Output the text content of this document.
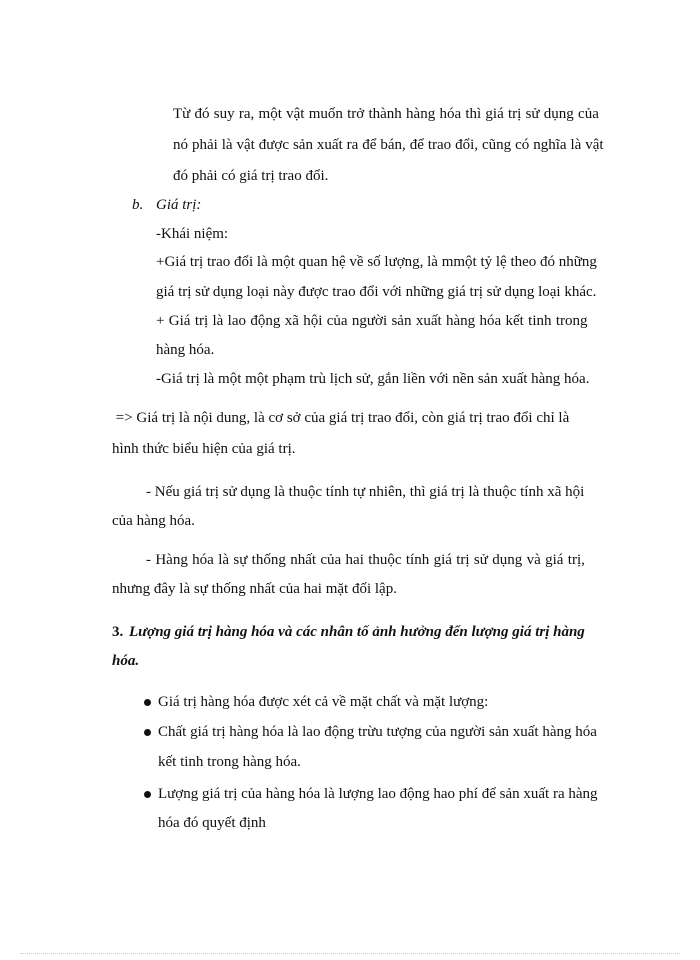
Từ đó suy ra, một vật muốn trở thành hàng hóa thì giá trị sử dụng của
nó phải là vật được sản xuất ra để bán, để trao đổi, cũng có nghĩa là vật
đó phải có giá trị trao đổi.
b. Giá trị:
-Khái niệm:
+Giá trị trao đổi là một quan hệ về số lượng, là mmột tỷ lệ theo đó những
giá trị sử dụng loại này được trao đổi với những giá trị sử dụng loại khác.
+ Giá trị là lao động xã hội của người sản xuất hàng hóa kết tinh trong
hàng hóa.
-Giá trị là một một phạm trù lịch sử, gắn liền với nền sản xuất hàng hóa.
=> Giá trị là nội dung, là cơ sở của giá trị trao đổi, còn giá trị trao đổi chỉ là
hình thức biểu hiện của giá trị.
- Nếu giá trị sử dụng là thuộc tính tự nhiên, thì giá trị là thuộc tính xã hội
của hàng hóa.
- Hàng hóa là sự thống nhất của hai thuộc tính giá trị sử dụng và giá trị,
nhưng đây là sự thống nhất của hai mặt đối lập.
3. Lượng giá trị hàng hóa và các nhân tố ảnh hưởng đến lượng giá trị hàng
hóa.
Giá trị hàng hóa được xét cả về mặt chất và mặt lượng:
Chất giá trị hàng hóa là lao động trừu tượng của người sản xuất hàng hóa
kết tinh trong hàng hóa.
Lượng giá trị của hàng hóa là lượng lao động hao phí để sản xuất ra hàng
hóa đó quyết định
